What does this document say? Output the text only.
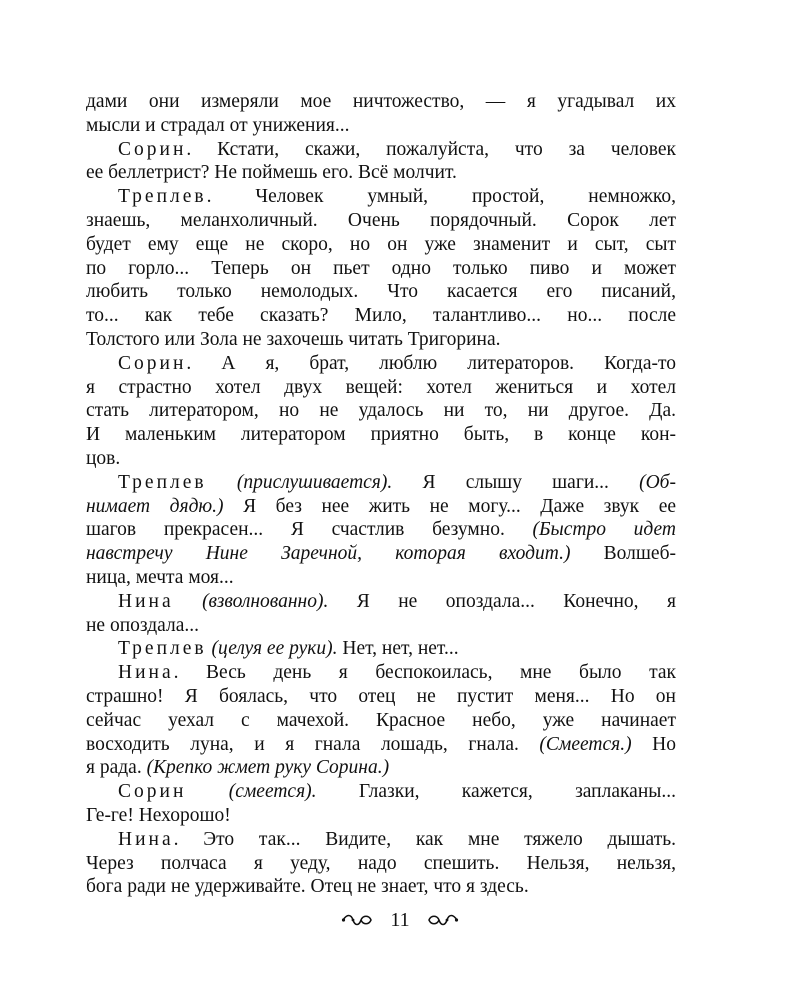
дами они измеряли мое ничтожество, — я угадывал их
мысли и страдал от унижения...
Сорин. Кстати, скажи, пожалуйста, что за человек
ее беллетрист? Не поймешь его. Всё молчит.
Треплев. Человек умный, простой, немножко,
знаешь, меланхоличный. Очень порядочный. Сорок лет
будет ему еще не скоро, но он уже знаменит и сыт, сыт
по горло... Теперь он пьет одно только пиво и может
любить только немолодых. Что касается его писаний,
то... как тебе сказать? Мило, талантливо... но... после
Толстого или Зола не захочешь читать Тригорина.
Сорин. А я, брат, люблю литераторов. Когда-то
я страстно хотел двух вещей: хотел жениться и хотел
стать литератором, но не удалось ни то, ни другое. Да.
И маленьким литератором приятно быть, в конце кон-
цов.
Треплев (прислушивается). Я слышу шаги... (Об-
нимает дядю.) Я без нее жить не могу... Даже звук ее
шагов прекрасен... Я счастлив безумно. (Быстро идет
навстречу Нине Заречной, которая входит.) Волшеб-
ница, мечта моя...
Нина (взволнованно). Я не опоздала... Конечно, я
не опоздала...
Треплев (целуя ее руки). Нет, нет, нет...
Нина. Весь день я беспокоилась, мне было так
страшно! Я боялась, что отец не пустит меня... Но он
сейчас уехал с мачехой. Красное небо, уже начинает
восходить луна, и я гнала лошадь, гнала. (Смеется.) Но
я рада. (Крепко жмет руку Сорина.)
Сорин (смеется). Глазки, кажется, заплаканы...
Ге-ге! Нехорошо!
Нина. Это так... Видите, как мне тяжело дышать.
Через полчаса я уеду, надо спешить. Нельзя, нельзя,
бога ради не удерживайте. Отец не знает, что я здесь.
11
